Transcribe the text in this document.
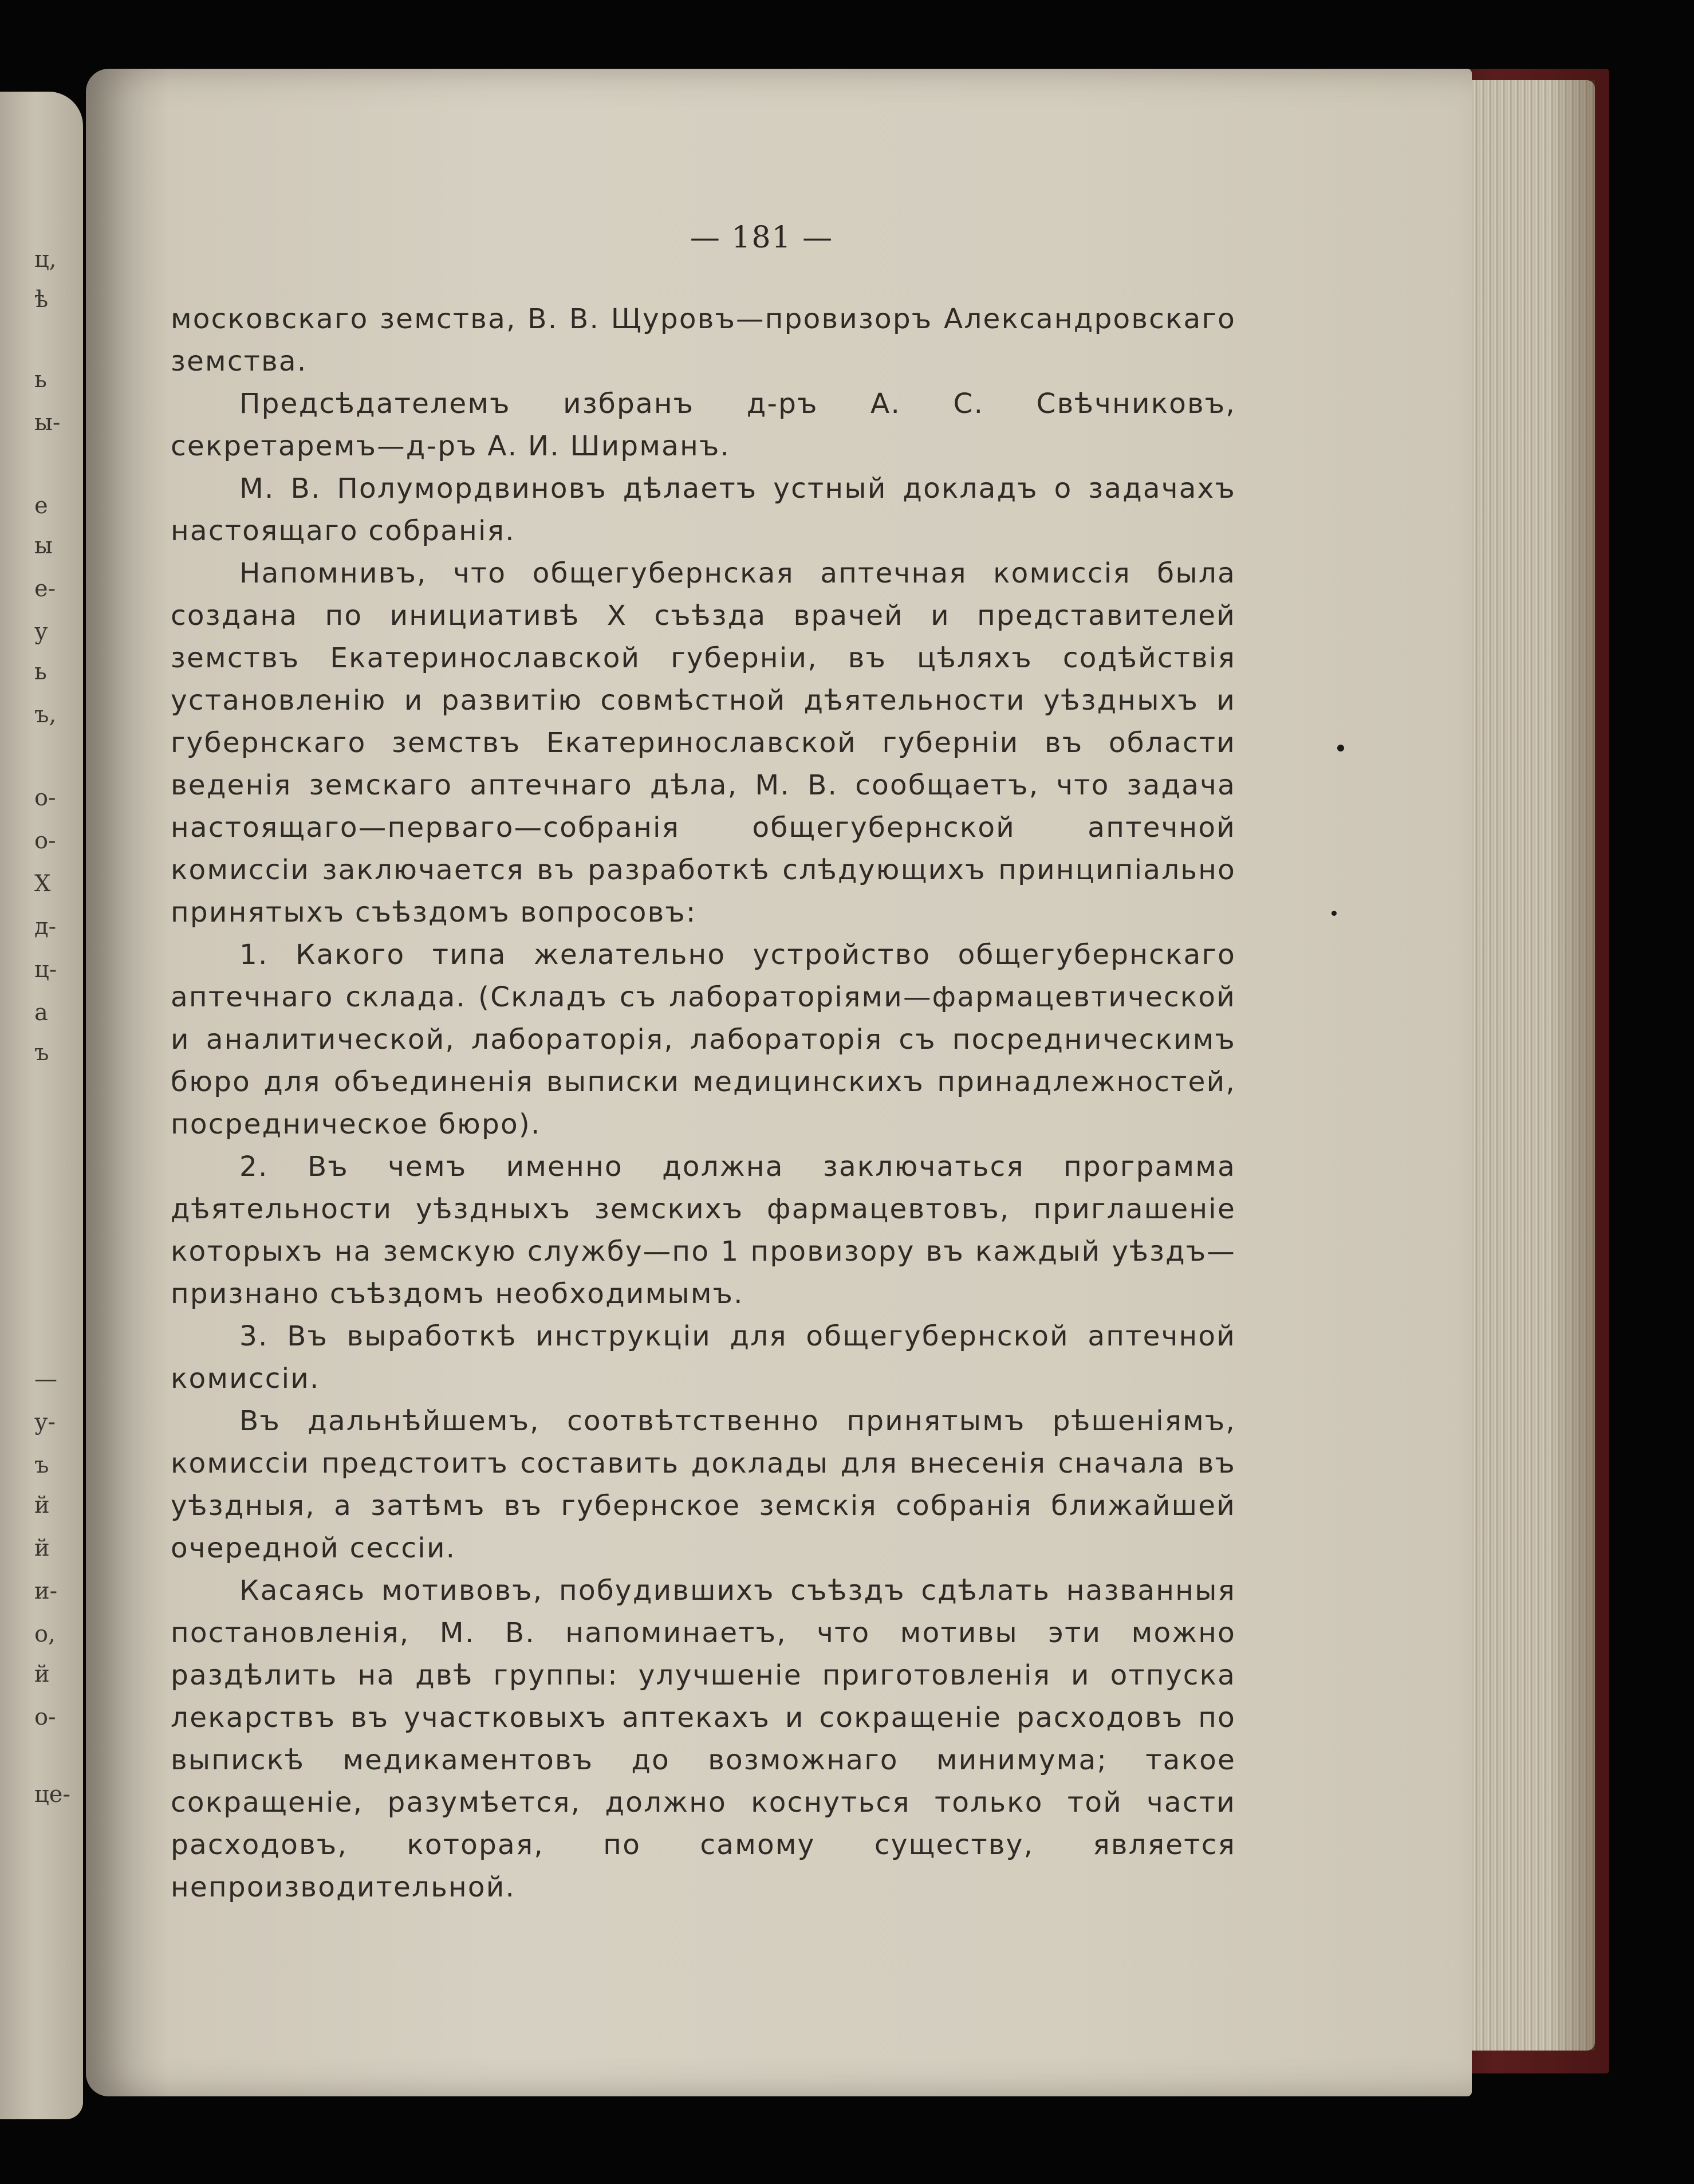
ц,
ѣ
ь
ы-
е
ы
е-
у
ь
ъ,
о-
о-
X
д-
ц-
а
ъ
—
у-
ъ
й
й
и-
о,
й
о-
це-
— 181 —

московскаго земства, В. В. Щуровъ—провизоръ Александровскаго земства.

Предсѣдателемъ избранъ д-ръ А. С. Свѣчниковъ, секретаремъ—д-ръ А. И. Ширманъ.

М. В. Полумордвиновъ дѣлаетъ устный докладъ о задачахъ настоящаго собранія.

Напомнивъ, что общегубернская аптечная комиссія была создана по инициативѣ X съѣзда врачей и представителей земствъ Екатеринославской губерніи, въ цѣляхъ содѣйствія установленію и развитію совмѣстной дѣятельности уѣздныхъ и губернскаго земствъ Екатеринославской губерніи въ области веденія земскаго аптечнаго дѣла, М. В. сообщаетъ, что задача настоящаго—перваго—собранія общегубернской аптечной комиссіи заключается въ разработкѣ слѣдующихъ принципіально принятыхъ съѣздомъ вопросовъ:

1. Какого типа желательно устройство общегубернскаго аптечнаго склада. (Складъ съ лабораторіями—фармацевтической и аналитической, лабораторія, лабораторія съ посредническимъ бюро для объединенія выписки медицинскихъ принадлежностей, посредническое бюро).

2. Въ чемъ именно должна заключаться программа дѣятельности уѣздныхъ земскихъ фармацевтовъ, приглашеніе которыхъ на земскую службу—по 1 провизору въ каждый уѣздъ—признано съѣздомъ необходимымъ.

3. Въ выработкѣ инструкціи для общегубернской аптечной комиссіи.

Въ дальнѣйшемъ, соотвѣтственно принятымъ рѣшеніямъ, комиссіи предстоитъ составить доклады для внесенія сначала въ уѣздныя, а затѣмъ въ губернское земскія собранія ближайшей очередной сессіи.

Касаясь мотивовъ, побудившихъ съѣздъ сдѣлать названныя постановленія, М. В. напоминаетъ, что мотивы эти можно раздѣлить на двѣ группы: улучшеніе приготовленія и отпуска лекарствъ въ участковыхъ аптекахъ и сокращеніе расходовъ по выпискѣ медикаментовъ до возможнаго минимума; такое сокращеніе, разумѣется, должно коснуться только той части расходовъ, которая, по самому существу, является непроизводительной.
